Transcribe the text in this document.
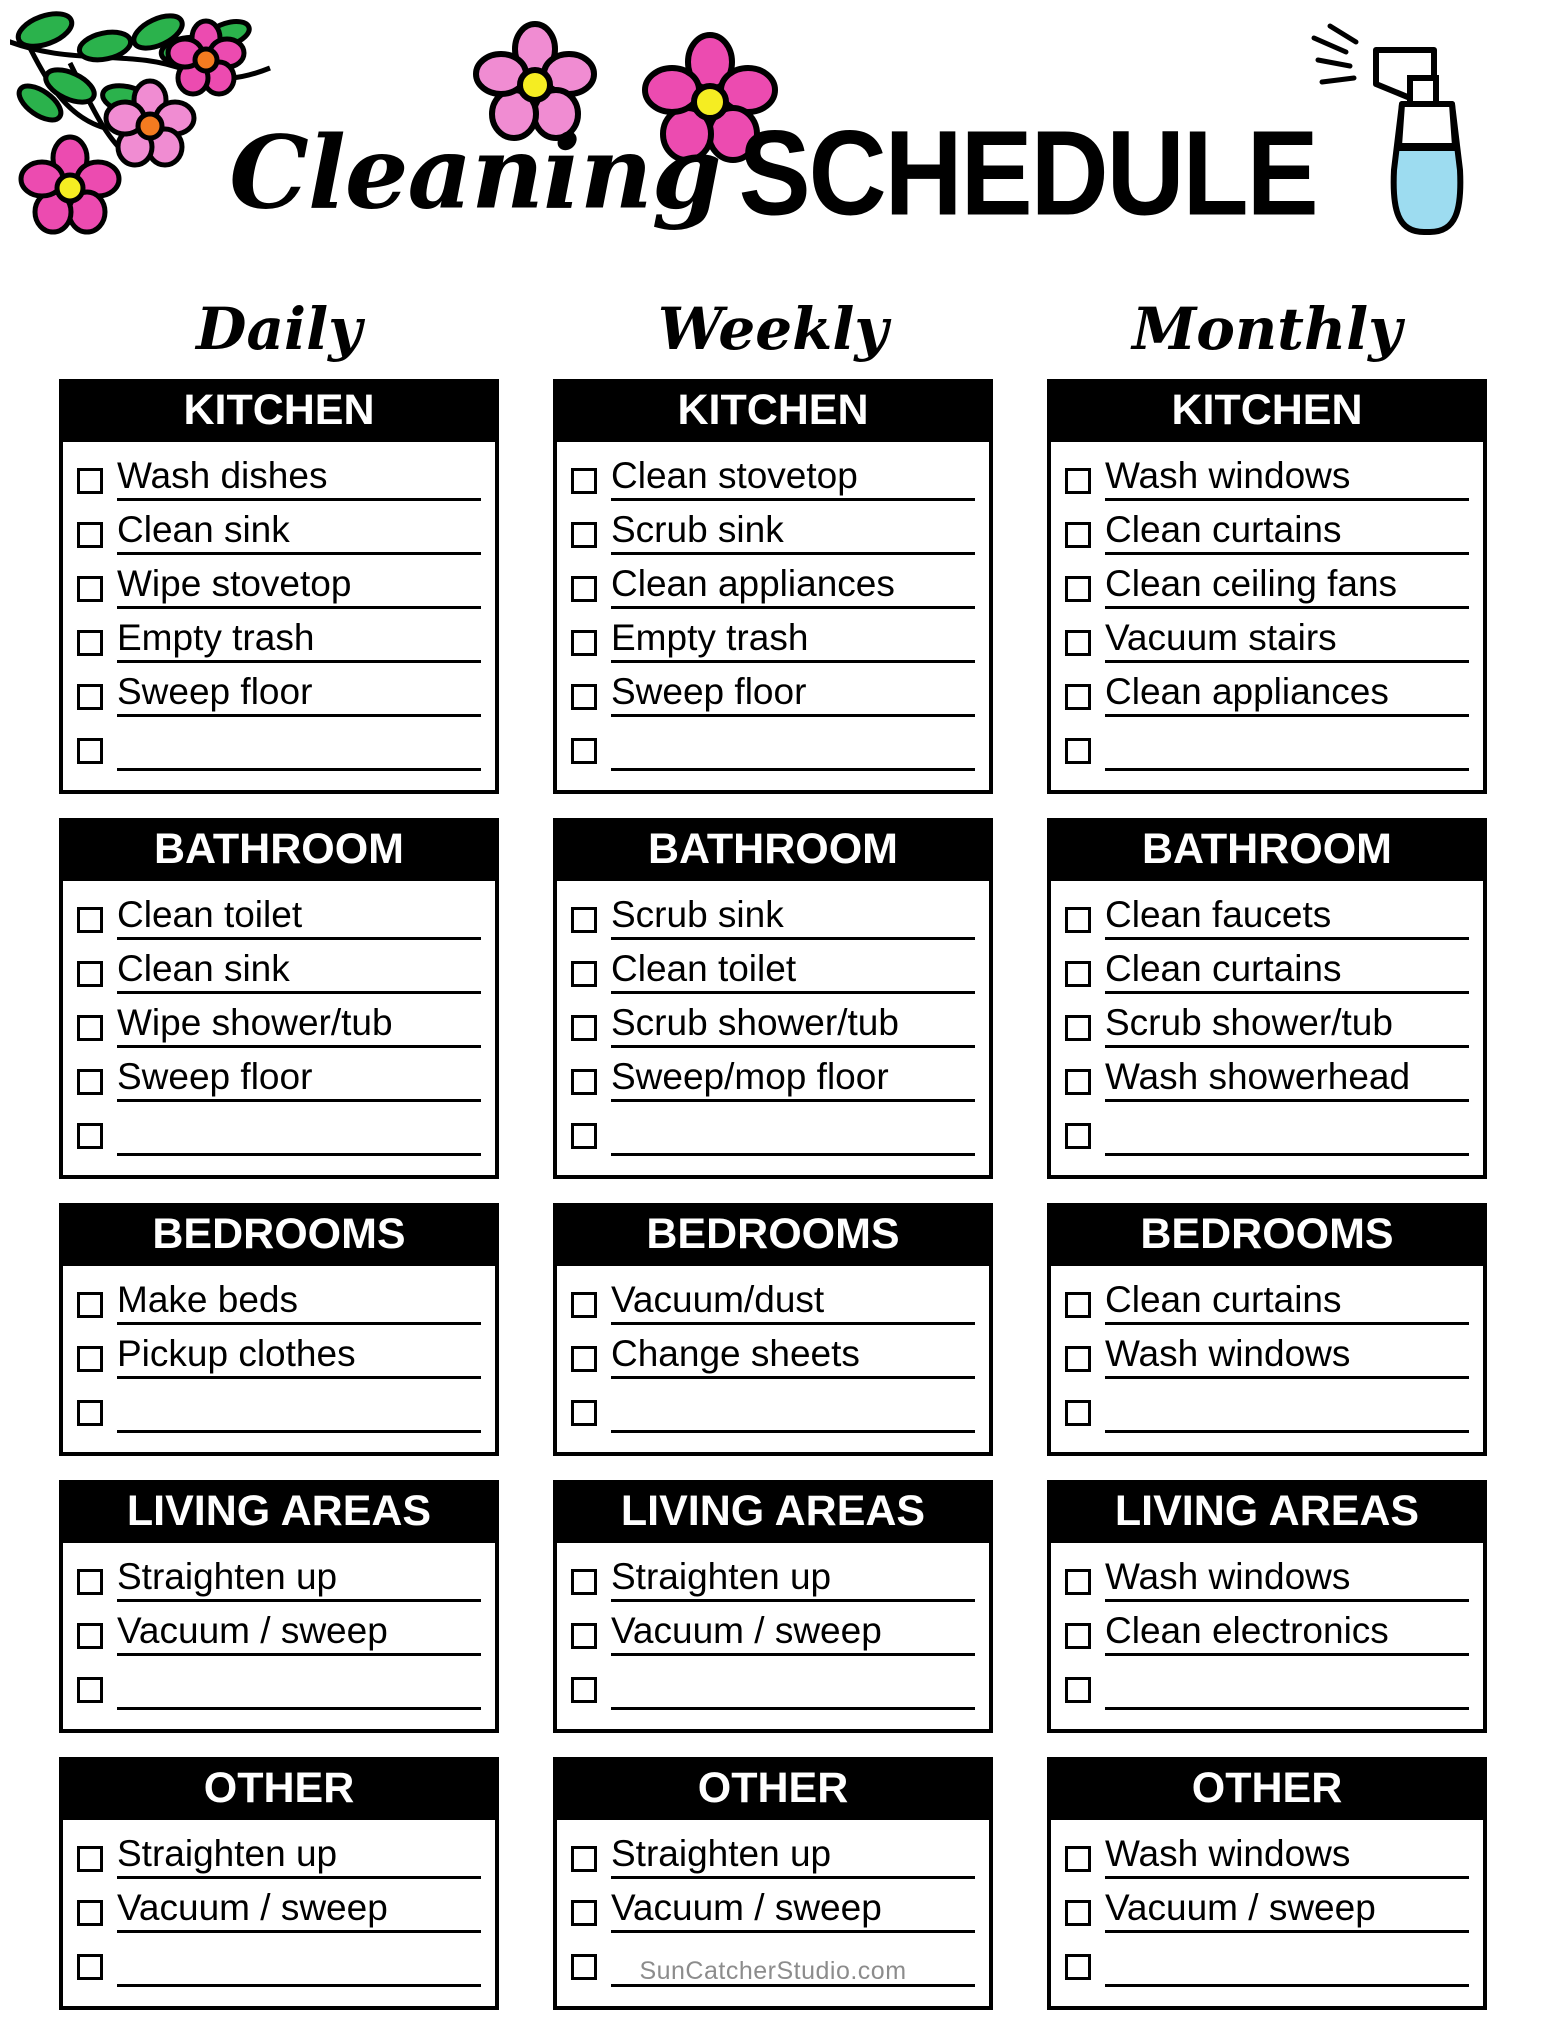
Cleaning SCHEDULE
Daily
KITCHEN
Wash dishes
Clean sink
Wipe stovetop
Empty trash
Sweep floor
BATHROOM
Clean toilet
Clean sink
Wipe shower/tub
Sweep floor
BEDROOMS
Make beds
Pickup clothes
LIVING AREAS
Straighten up
Vacuum / sweep
OTHER
Straighten up
Vacuum / sweep
Weekly
KITCHEN
Clean stovetop
Scrub sink
Clean appliances
Empty trash
Sweep floor
BATHROOM
Scrub sink
Clean toilet
Scrub shower/tub
Sweep/mop floor
BEDROOMS
Vacuum/dust
Change sheets
LIVING AREAS
Straighten up
Vacuum / sweep
OTHER
Straighten up
Vacuum / sweep
Monthly
KITCHEN
Wash windows
Clean curtains
Clean ceiling fans
Vacuum stairs
Clean appliances
BATHROOM
Clean faucets
Clean curtains
Scrub shower/tub
Wash showerhead
BEDROOMS
Clean curtains
Wash windows
LIVING AREAS
Wash windows
Clean electronics
OTHER
Wash windows
Vacuum / sweep
SunCatcherStudio.com
